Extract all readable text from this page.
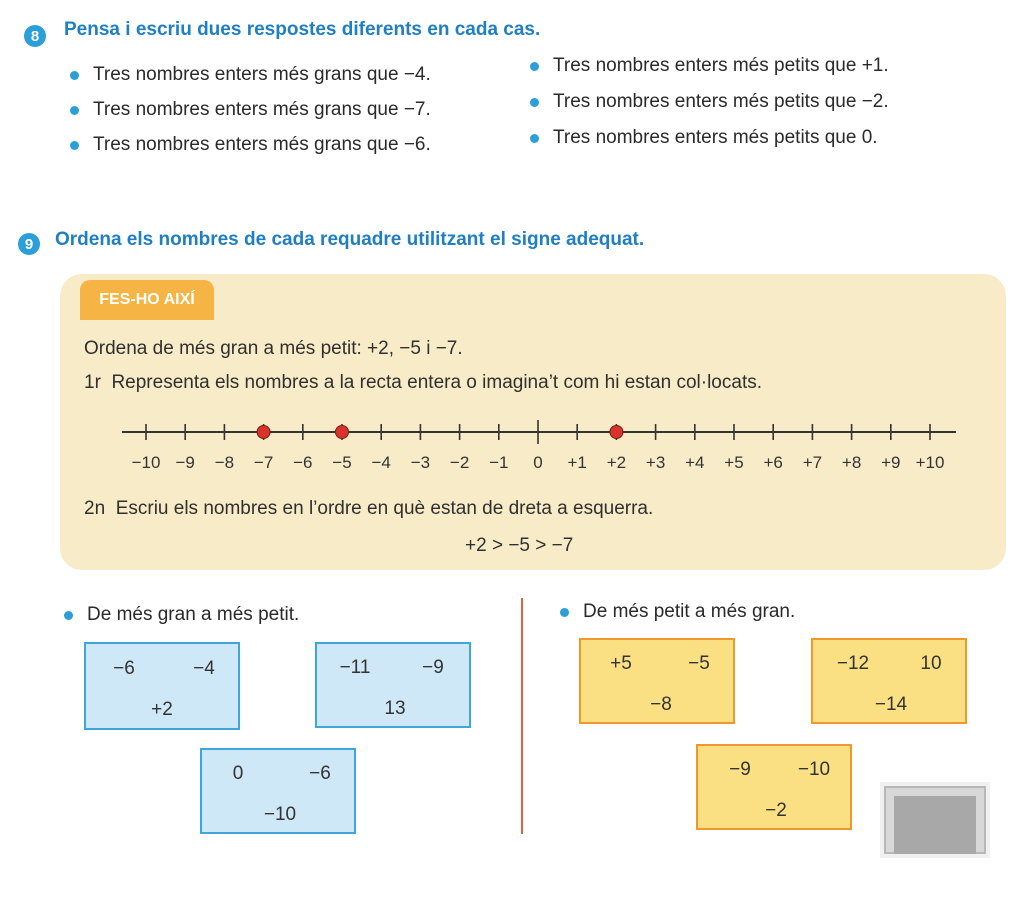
8	Pensa i escriu dues respostes diferents en cada cas.
Tres nombres enters més grans que −4.
Tres nombres enters més grans que −7.
Tres nombres enters més grans que −6.
Tres nombres enters més petits que +1.
Tres nombres enters més petits que −2.
Tres nombres enters més petits que 0.
9	Ordena els nombres de cada requadre utilitzant el signe adequat.
FES-HO AIXÍ
Ordena de més gran a més petit: +2, −5 i −7.
1r  Representa els nombres a la recta entera o imagina’t com hi estan col·locats.
−10 −9 −8 −7 −6 −5 −4 −3 −2 −1 0 +1 +2 +3 +4 +5 +6 +7 +8 +9 +10
2n  Escriu els nombres en l’ordre en què estan de dreta a esquerra.
+2 > −5 > −7
De més gran a més petit.
−6	−4
+2
−11	−9
13
0	−6
−10
De més petit a més gran.
+5	−5
−8
−12	10
−14
−9 −10
−2
